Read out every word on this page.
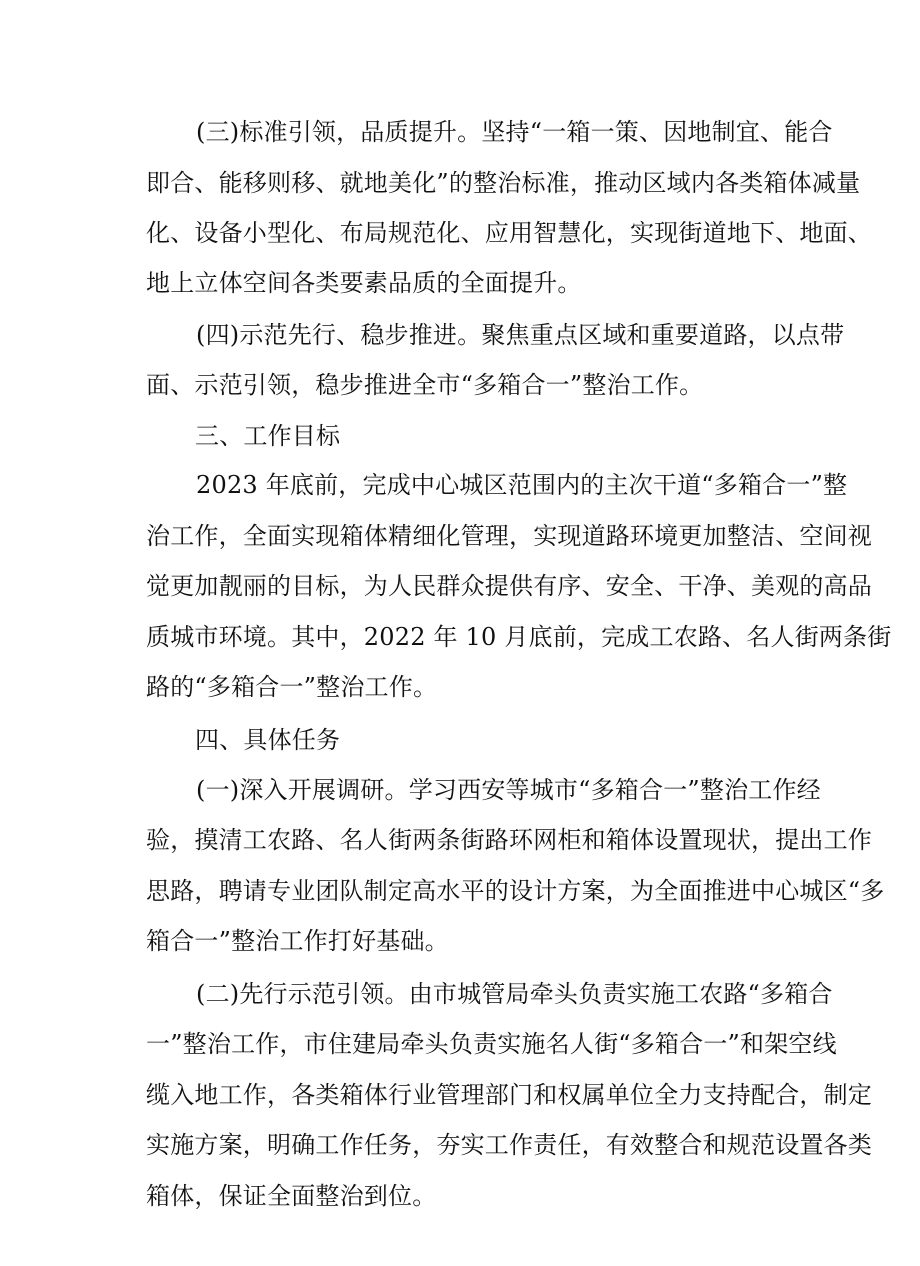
(三)标准引领，品质提升。坚持“一箱一策、因地制宜、能合
即合、能移则移、就地美化”的整治标准，推动区域内各类箱体减量
化、设备小型化、布局规范化、应用智慧化，实现街道地下、地面、
地上立体空间各类要素品质的全面提升。
(四)示范先行、稳步推进。聚焦重点区域和重要道路，以点带
面、示范引领，稳步推进全市“多箱合一”整治工作。
三、工作目标
2023 年底前，完成中心城区范围内的主次干道“多箱合一”整
治工作，全面实现箱体精细化管理，实现道路环境更加整洁、空间视
觉更加靓丽的目标，为人民群众提供有序、安全、干净、美观的高品
质城市环境。其中，2022 年 10 月底前，完成工农路、名人街两条街
路的“多箱合一”整治工作。
四、具体任务
(一)深入开展调研。学习西安等城市“多箱合一”整治工作经
验，摸清工农路、名人街两条街路环网柜和箱体设置现状，提出工作
思路，聘请专业团队制定高水平的设计方案，为全面推进中心城区“多
箱合一”整治工作打好基础。
(二)先行示范引领。由市城管局牵头负责实施工农路“多箱合
一”整治工作，市住建局牵头负责实施名人街“多箱合一”和架空线
缆入地工作，各类箱体行业管理部门和权属单位全力支持配合，制定
实施方案，明确工作任务，夯实工作责任，有效整合和规范设置各类
箱体，保证全面整治到位。
